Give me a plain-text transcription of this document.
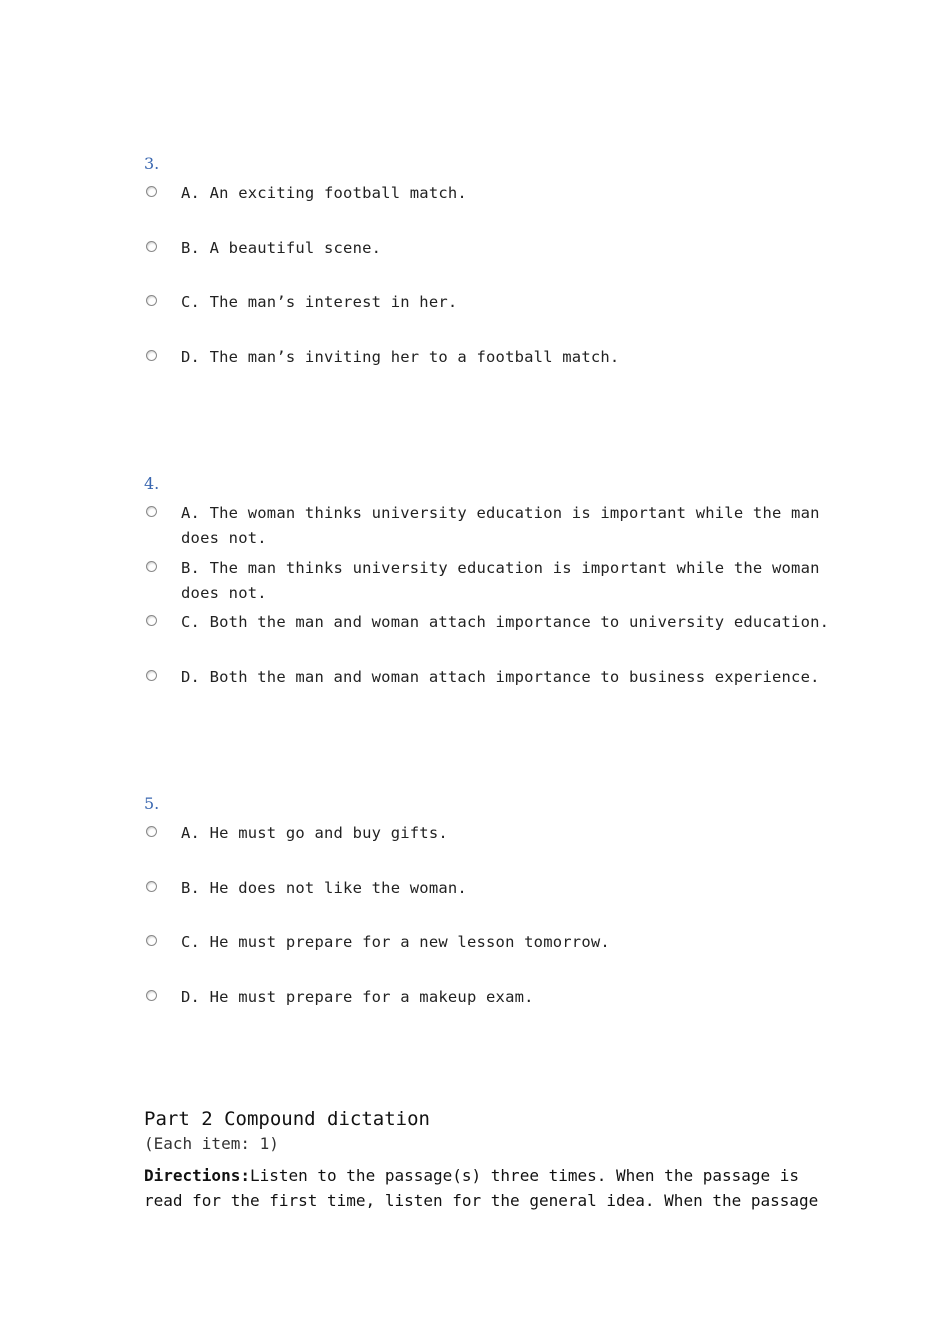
3.
A. An exciting football match.
B. A beautiful scene.
C. The man’s interest in her.
D. The man’s inviting her to a football match.
4.
A. The woman thinks university education is important while the man does not.
B. The man thinks university education is important while the woman does not.
C. Both the man and woman attach importance to university education.
D. Both the man and woman attach importance to business experience.
5.
A. He must go and buy gifts.
B. He does not like the woman.
C. He must prepare for a new lesson tomorrow.
D. He must prepare for a makeup exam.
Part 2 Compound dictation
(Each item: 1)
Directions:Listen to the passage(s) three times. When the passage is read for the first time, listen for the general idea. When the passage
